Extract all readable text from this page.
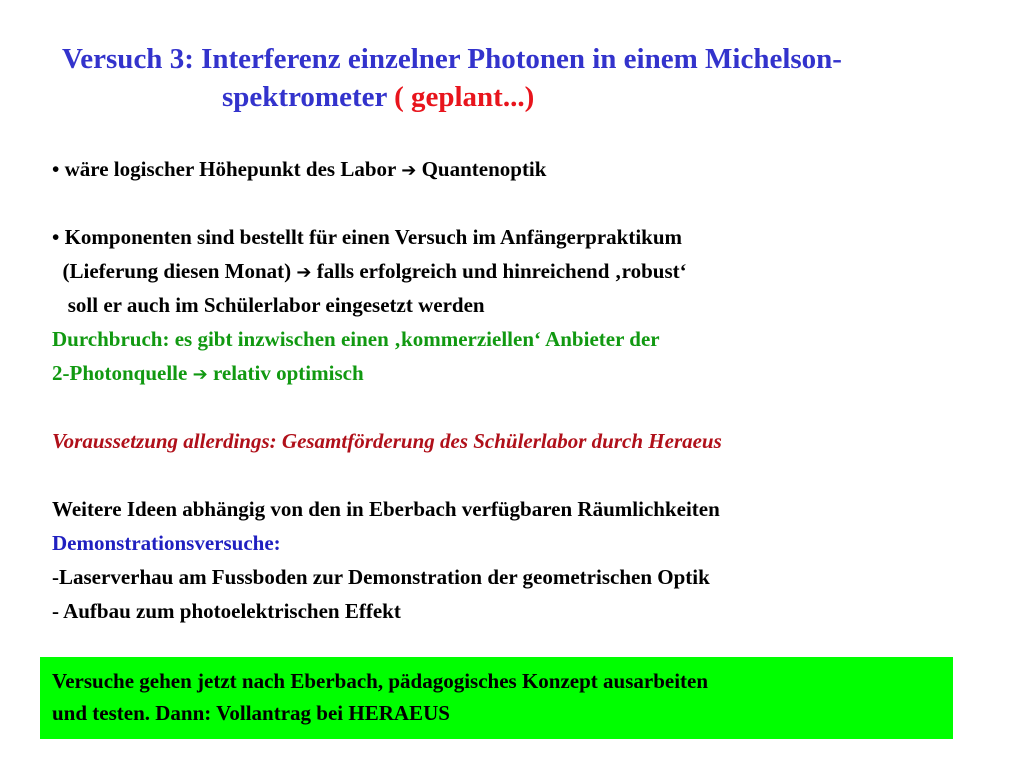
Versuch 3: Interferenz einzelner Photonen in einem Michelson-
spektrometer ( geplant...)
• wäre logischer Höhepunkt des Labor ➔ Quantenoptik
• Komponenten sind bestellt für einen Versuch im Anfängerpraktikum
(Lieferung diesen Monat) ➔ falls erfolgreich und hinreichend ‚robust‘
soll er auch im Schülerlabor eingesetzt werden
Durchbruch: es gibt inzwischen einen ‚kommerziellen‘ Anbieter der
2-Photonquelle ➔ relativ optimisch
Voraussetzung allerdings: Gesamtförderung des Schülerlabor durch Heraeus
Weitere Ideen abhängig von den in Eberbach verfügbaren Räumlichkeiten
Demonstrationsversuche:
-Laserverhau am Fussboden zur Demonstration der geometrischen Optik
- Aufbau zum photoelektrischen Effekt
Versuche gehen jetzt nach Eberbach, pädagogisches Konzept ausarbeiten
und testen. Dann: Vollantrag bei HERAEUS
